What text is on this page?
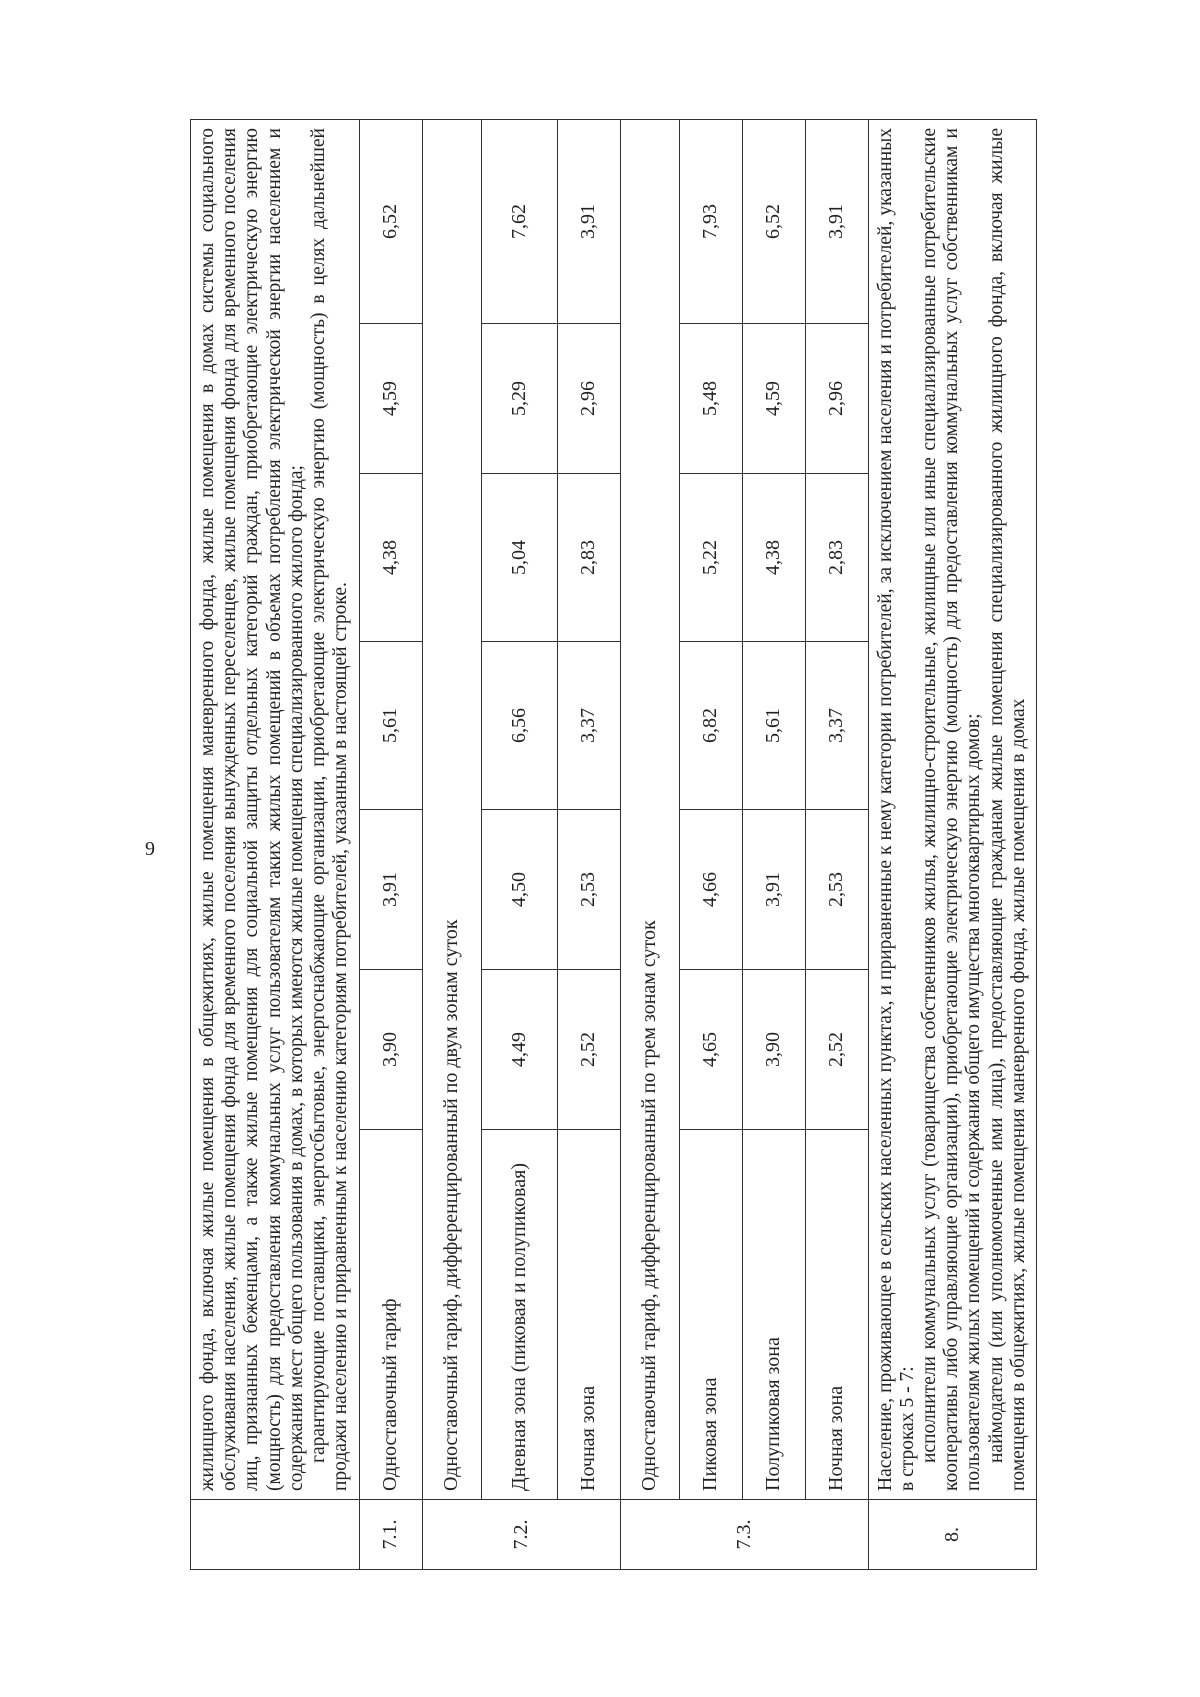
9

	жилищного фонда, включая жилые помещения в общежитиях, жилые помещения маневренного фонда, жилые помещения в домах системы социального обслуживания населения, жилые помещения фонда для временного поселения вынужденных переселенцев, жилые помещения фонда для временного поселения лиц, признанных беженцами, а также жилые помещения для социальной защиты отдельных категорий граждан, приобретающие электрическую энергию (мощность) для предоставления коммунальных услуг пользователям таких жилых помещений в объемах потребления электрической энергии населением и содержания мест общего пользования в домах, в которых имеются жилые помещения специализированного жилого фонда; гарантирующие поставщики, энергосбытовые, энергоснабжающие организации, приобретающие электрическую энергию (мощность) в целях дальнейшей продажи населению и приравненным к населению категориям потребителей, указанным в настоящей строке.						

7.1.	Одноставочный тариф	3,90	3,91	5,61	4,38	4,59	6,52
7.2.	Одноставочный тариф, дифференцированный по двум зонам суток						
	Дневная зона (пиковая и полупиковая)	4,49	4,50	6,56	5,04	5,29	7,62
	Ночная зона	2,52	2,53	3,37	2,83	2,96	3,91
7.3.	Одноставочный тариф, дифференцированный по трем зонам суток						
	Пиковая зона	4,65	4,66	6,82	5,22	5,48	7,93
	Полупиковая зона	3,90	3,91	5,61	4,38	4,59	6,52
	Ночная зона	2,52	2,53	3,37	2,83	2,96	3,91
8.	Население, проживающее в сельских населенных пунктах, и приравненные к нему категории потребителей, за исключением населения и потребителей, указанных в строках 5 - 7: исполнители коммунальных услуг (товарищества собственников жилья, жилищно-строительные, жилищные или иные специализированные потребительские кооперативы либо управляющие организации), приобретающие электрическую энергию (мощность) для предоставления коммунальных услуг собственникам и пользователям жилых помещений и содержания общего имущества многоквартирных домов; наймодатели (или уполномоченные ими лица), предоставляющие гражданам жилые помещения специализированного жилищного фонда, включая жилые помещения в общежитиях, жилые помещения маневренного фонда, жилые помещения в домах						
